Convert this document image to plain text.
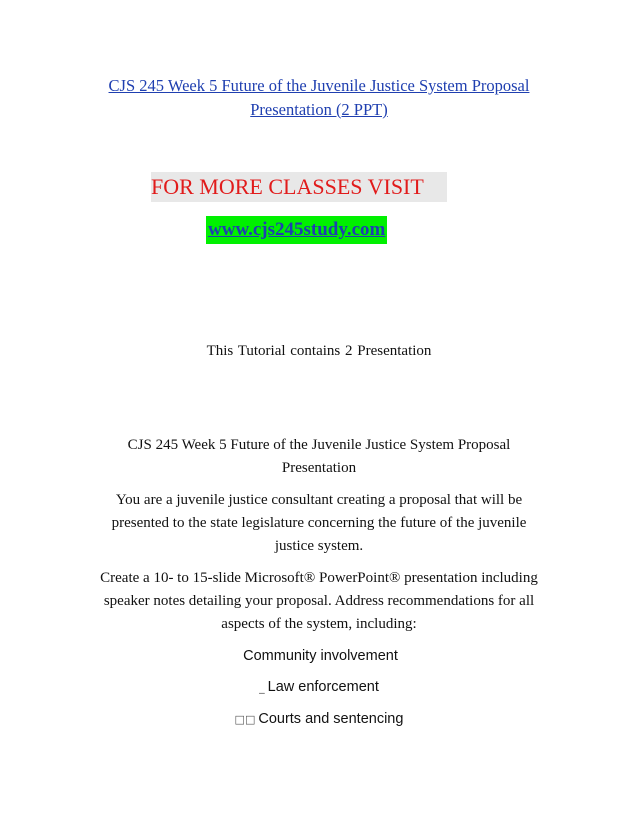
CJS 245 Week 5 Future of the Juvenile Justice System Proposal
Presentation (2 PPT)
FOR MORE CLASSES VISIT
www.cjs245study.com
This Tutorial contains 2 Presentation
CJS 245 Week 5 Future of the Juvenile Justice System Proposal
Presentation
You are a juvenile justice consultant creating a proposal that will be
presented to the state legislature concerning the future of the juvenile
justice system.
Create a 10- to 15-slide Microsoft® PowerPoint® presentation including
speaker notes detailing your proposal. Address recommendations for all
aspects of the system, including:
Community involvement
_ Law enforcement
□□ Courts and sentencing
